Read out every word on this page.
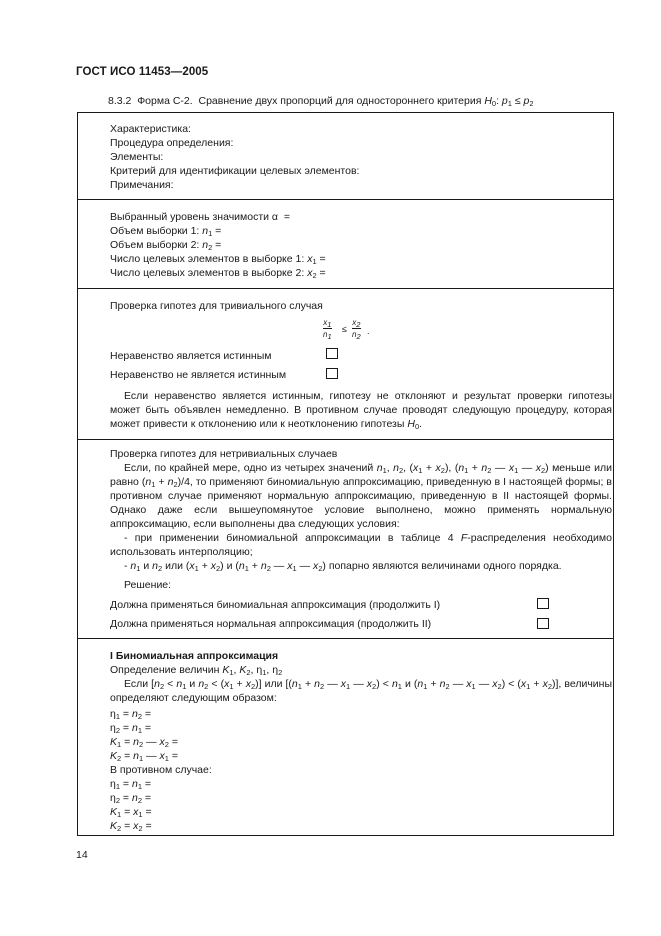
ГОСТ ИСО 11453—2005
8.3.2  Форма С-2.  Сравнение двух пропорций для одностороннего критерия $H_0$: $p_1 \le p_2$
Характеристика:
Процедура определения:
Элементы:
Критерий для идентификации целевых элементов:
Примечания:
Выбранный уровень значимости α  =
Объем выборки 1: $n_1$ =
Объем выборки 2: $n_2$ =
Число целевых элементов в выборке 1: $x_1$ =
Число целевых элементов в выборке 2: $x_2$ =
Проверка гипотез для тривиального случая
$x_1$
$n_1$
≤
$x_2$
$n_2$
.
Неравенство является истинным
Неравенство не является истинным
Если неравенство является истинным, гипотезу не отклоняют и результат проверки гипотезы может быть объявлен немедленно. В противном случае проводят следующую процедуру, которая может привести к отклонению или к неотклонению гипотезы $H_0$.
Проверка гипотез для нетривиальных случаев
Если, по крайней мере, одно из четырех значений $n_1$, $n_2$, $(x_1 + x_2)$, ($n_1 + n_2$ — $x_1$ — $x_2$) меньше или равно $(n_1 + n_2)/4$, то применяют биномиальную аппроксимацию, приведенную в I настоящей формы; в противном случае применяют нормальную аппроксимацию, приведенную в II настоящей формы. Однако даже если вышеупомянутое условие выполнено, можно применять нормальную аппроксимацию, если выполнены два следующих условия:
- при применении биномиальной аппроксимации в таблице 4 F-распределения необходимо использовать интерполяцию;
- $n_1$ и $n_2$ или $(x_1 + x_2)$ и ($n_1 + n_2$ — $x_1$ — $x_2$) попарно являются величинами одного порядка.
Решение:
Должна применяться биномиальная аппроксимация (продолжить I)
Должна применяться нормальная аппроксимация (продолжить II)
I Биномиальная аппроксимация
Определение величин $K_1$, $K_2$, $\eta_1$, $\eta_2$
Если [$n_2 < n_1$ и $n_2 < (x_1 + x_2)$] или [($n_1 + n_2$ — $x_1$ — $x_2) < n_1$ и ($n_1 + n_2$ — $x_1$ — $x_2) < (x_1 + x_2)$], величины определяют следующим образом:
$\eta_1 = n_2$ =
$\eta_2 = n_1$ =
$K_1 = n_2$ — $x_2$ =
$K_2 = n_1$ — $x_1$ =
В противном случае:
$\eta_1 = n_1$ =
$\eta_2 = n_2$ =
$K_1 = x_1$ =
$K_2 = x_2$ =
14
